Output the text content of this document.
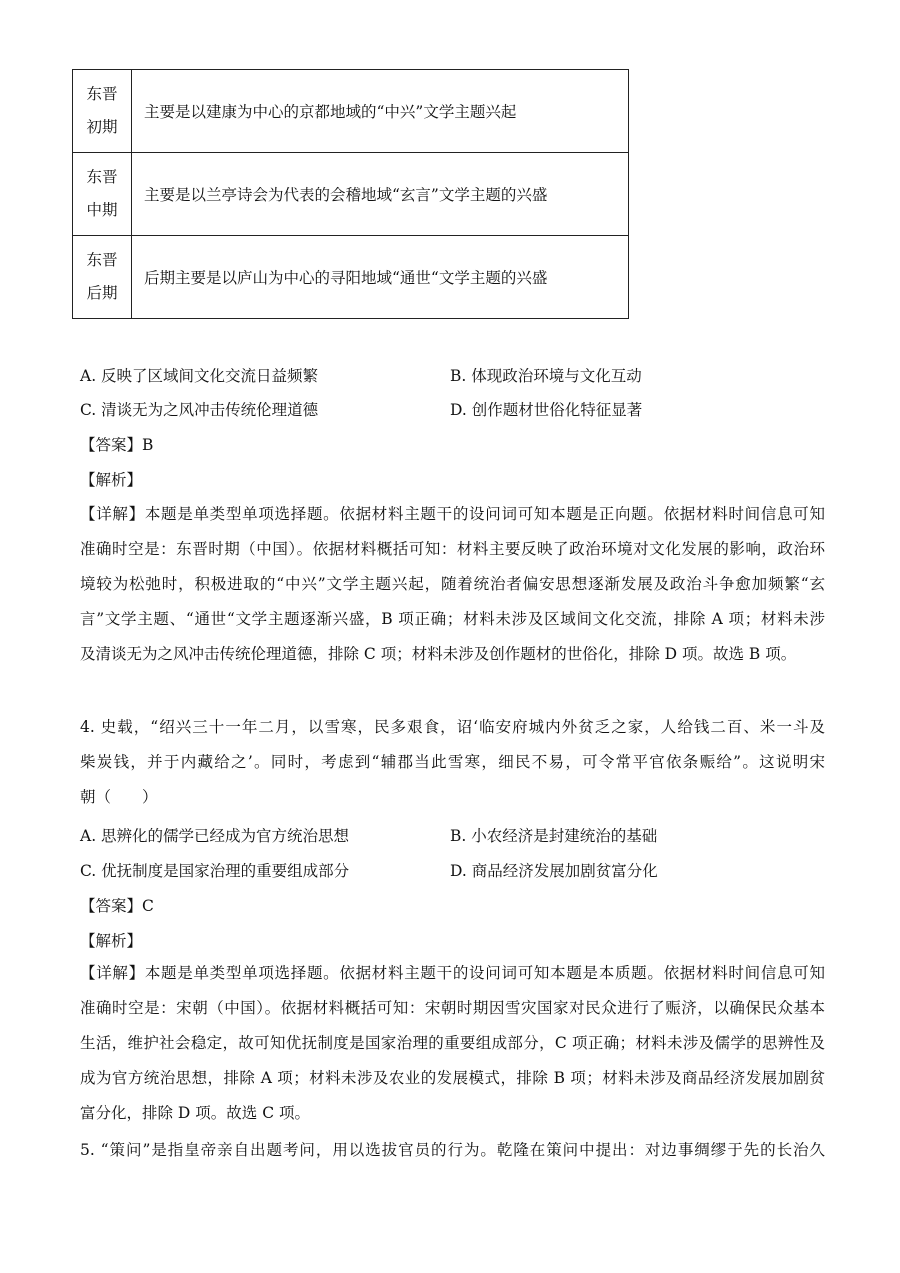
东晋
初期	主要是以建康为中心的京都地域的“中兴”文学主题兴起
东晋
中期	主要是以兰亭诗会为代表的会稽地域“玄言”文学主题的兴盛
东晋
后期	后期主要是以庐山为中心的寻阳地域“通世“文学主题的兴盛
A. 反映了区域间文化交流日益频繁	B. 体现政治环境与文化互动
C. 清谈无为之风冲击传统伦理道德	D. 创作题材世俗化特征显著
【答案】B
【解析】
【详解】本题是单类型单项选择题。依据材料主题干的设问词可知本题是正向题。依据材料时间信息可知
准确时空是：东晋时期（中国）。依据材料概括可知：材料主要反映了政治环境对文化发展的影响，政治环
境较为松弛时，积极进取的“中兴”文学主题兴起，随着统治者偏安思想逐渐发展及政治斗争愈加频繁“玄
言”文学主题、“通世“文学主题逐渐兴盛，B 项正确；材料未涉及区域间文化交流，排除 A 项；材料未涉
及清谈无为之风冲击传统伦理道德，排除 C 项；材料未涉及创作题材的世俗化，排除 D 项。故选 B 项。
4. 史载，“绍兴三十一年二月，以雪寒，民多艰食，诏‘临安府城内外贫乏之家，人给钱二百、米一斗及
柴炭钱，并于内藏给之’。同时，考虑到“辅郡当此雪寒，细民不易，可令常平官依条赈给”。这说明宋
朝（　　）
A. 思辨化的儒学已经成为官方统治思想	B. 小农经济是封建统治的基础
C. 优抚制度是国家治理的重要组成部分	D. 商品经济发展加剧贫富分化
【答案】C
【解析】
【详解】本题是单类型单项选择题。依据材料主题干的设问词可知本题是本质题。依据材料时间信息可知
准确时空是：宋朝（中国）。依据材料概括可知：宋朝时期因雪灾国家对民众进行了赈济，以确保民众基本
生活，维护社会稳定，故可知优抚制度是国家治理的重要组成部分，C 项正确；材料未涉及儒学的思辨性及
成为官方统治思想，排除 A 项；材料未涉及农业的发展模式，排除 B 项；材料未涉及商品经济发展加剧贫
富分化，排除 D 项。故选 C 项。
5. “策问”是指皇帝亲自出题考问，用以选拔官员的行为。乾隆在策问中提出：对边事绸缪于先的长治久
